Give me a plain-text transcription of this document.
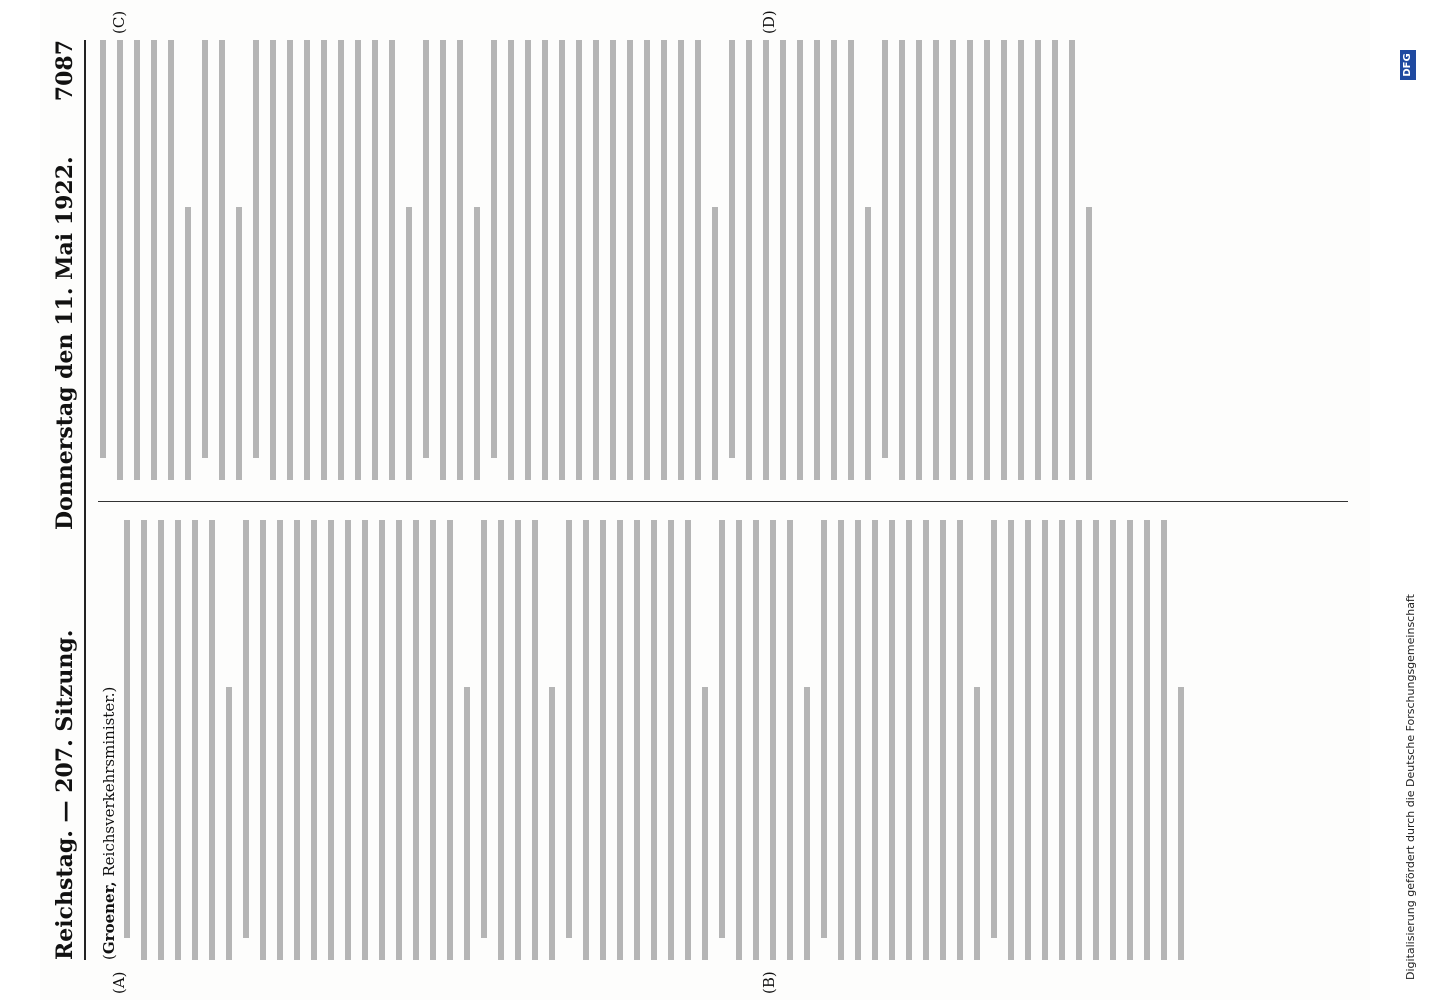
Reichstag. — 207. Sitzung.
Donnerstag den 11. Mai 1922.
7087
(A)	(B)
(C)	(D)
(Groener, Reichsverkehrsminister.)	Digitalisierung gefördert durch die Deutsche Forschungsgemeinschaft
DFG
